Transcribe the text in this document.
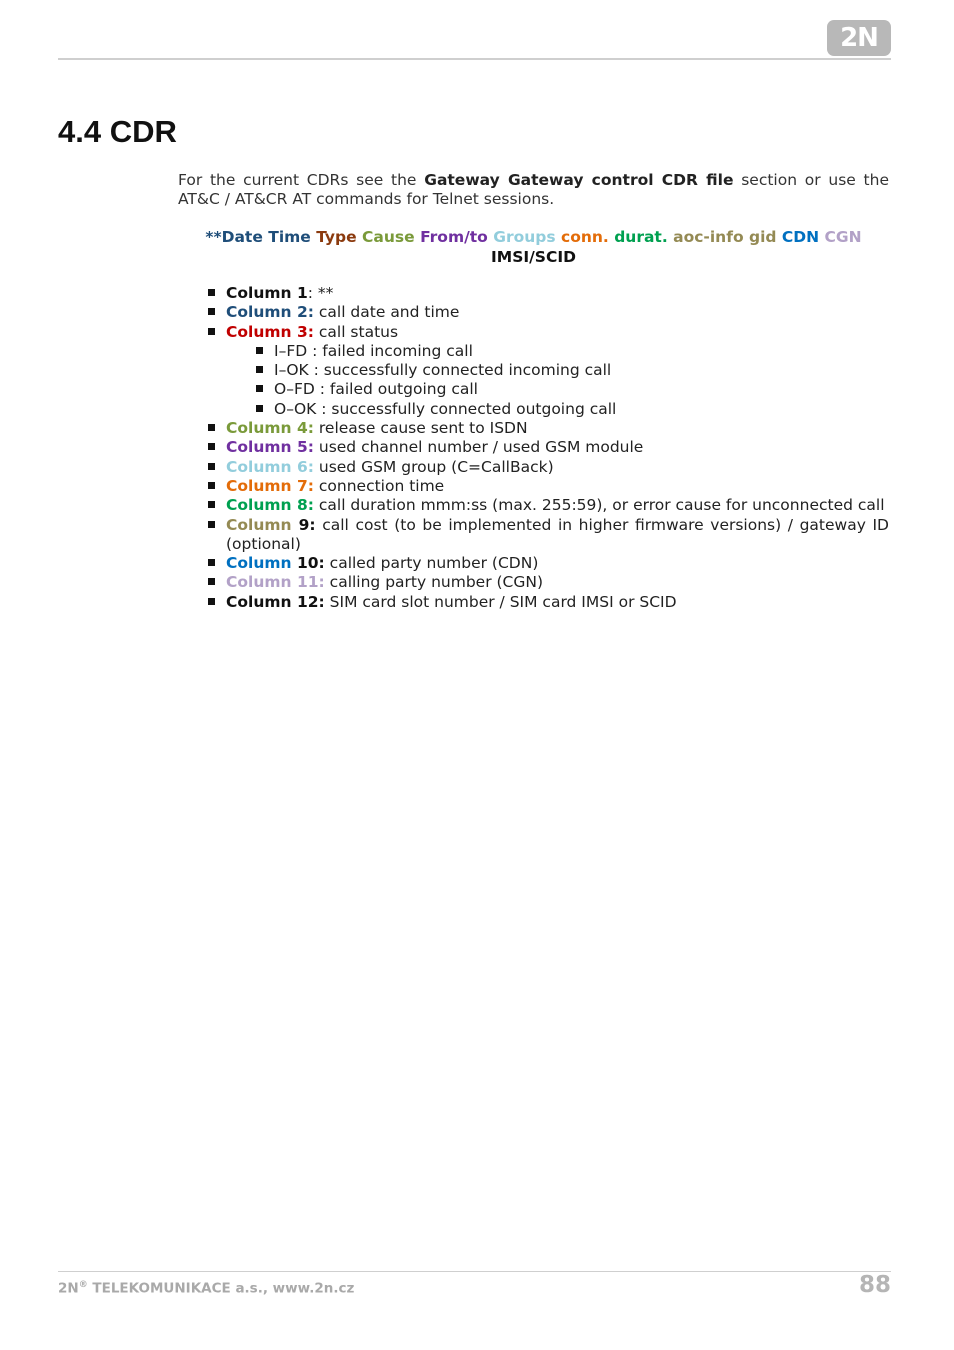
2N
4.4 CDR

For the current CDRs see the Gateway Gateway control CDR file section or use the AT&C / AT&CR AT commands for Telnet sessions.

**Date Time Type Cause From/to Groups conn. durat. aoc-info gid CDN CGN IMSI/SCID

Column 1: **
Column 2: call date and time
Column 3: call status
I–FD : failed incoming call
I–OK : successfully connected incoming call
O–FD : failed outgoing call
O–OK : successfully connected outgoing call
Column 4: release cause sent to ISDN
Column 5: used channel number / used GSM module
Column 6: used GSM group (C=CallBack)
Column 7: connection time
Column 8: call duration mmm:ss (max. 255:59), or error cause for unconnected call
Column 9: call cost (to be implemented in higher firmware versions) / gateway ID (optional)
Column 10: called party number (CDN)
Column 11: calling party number (CGN)
Column 12: SIM card slot number / SIM card IMSI or SCID
2N® TELEKOMUNIKACE a.s., www.2n.cz	88
